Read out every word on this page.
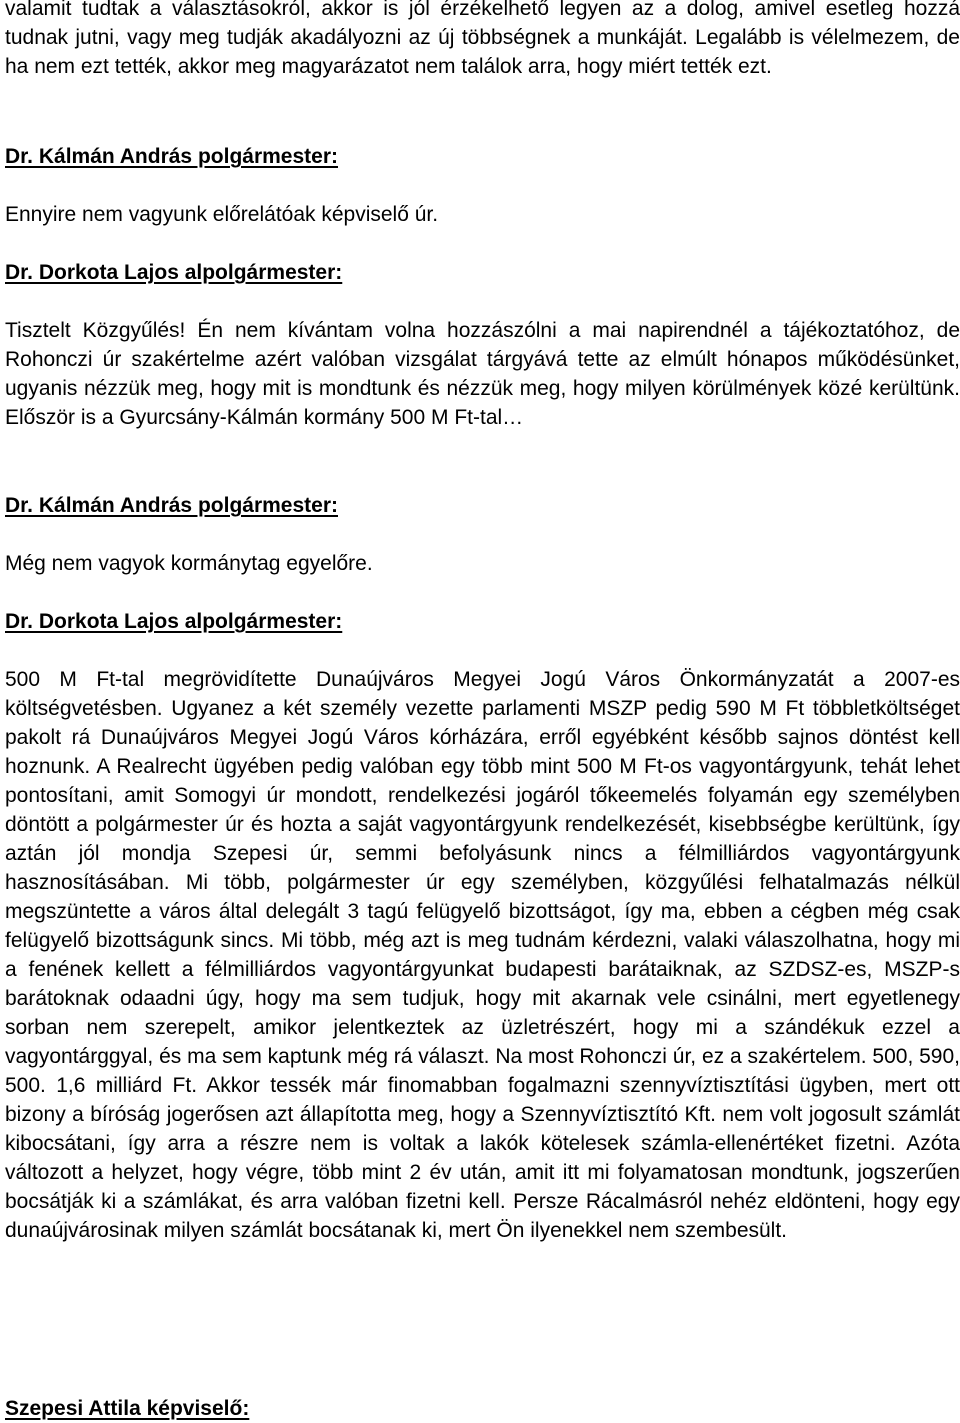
valamit tudtak a választásokról, akkor is jól érzékelhető legyen az a dolog, amivel esetleg hozzá tudnak jutni, vagy meg tudják akadályozni az új többségnek a munkáját. Legalább is vélelmezem, de ha nem ezt tették, akkor meg magyarázatot nem találok arra, hogy miért tették ezt.

Dr. Kálmán András polgármester:

Ennyire nem vagyunk előrelátóak képviselő úr.

Dr. Dorkota Lajos alpolgármester:

Tisztelt Közgyűlés! Én nem kívántam volna hozzászólni a mai napirendnél a tájékoztatóhoz, de Rohonczi úr szakértelme azért valóban vizsgálat tárgyává tette az elmúlt hónapos működésünket, ugyanis nézzük meg, hogy mit is mondtunk és nézzük meg, hogy milyen körülmények közé kerültünk. Először is a Gyurcsány-Kálmán kormány 500 M Ft-tal…

Dr. Kálmán András polgármester:

Még nem vagyok kormánytag egyelőre.

Dr. Dorkota Lajos alpolgármester:

500 M Ft-tal megrövidítette Dunaújváros Megyei Jogú Város Önkormányzatát a 2007-es költségvetésben. Ugyanez a két személy vezette parlamenti MSZP pedig 590 M Ft többletköltséget pakolt rá Dunaújváros Megyei Jogú Város kórházára, erről egyébként később sajnos döntést kell hoznunk. A Realrecht ügyében pedig valóban egy több mint 500 M Ft-os vagyontárgyunk, tehát lehet pontosítani, amit Somogyi úr mondott, rendelkezési jogáról tőkeemelés folyamán egy személyben döntött a polgármester úr és hozta a saját vagyontárgyunk rendelkezését, kisebbségbe kerültünk, így aztán jól mondja Szepesi úr, semmi befolyásunk nincs a félmilliárdos vagyontárgyunk hasznosításában. Mi több, polgármester úr egy személyben, közgyűlési felhatalmazás nélkül megszüntette a város által delegált 3 tagú felügyelő bizottságot, így ma, ebben a cégben még csak felügyelő bizottságunk sincs. Mi több, még azt is meg tudnám kérdezni, valaki válaszolhatna, hogy mi a fenének kellett a félmilliárdos vagyontárgyunkat budapesti barátaiknak, az SZDSZ-es, MSZP-s barátoknak odaadni úgy, hogy ma sem tudjuk, hogy mit akarnak vele csinálni, mert egyetlenegy sorban nem szerepelt, amikor jelentkeztek az üzletrészért, hogy mi a szándékuk ezzel a vagyontárggyal, és ma sem kaptunk még rá választ. Na most Rohonczi úr, ez a szakértelem. 500, 590, 500. 1,6 milliárd Ft. Akkor tessék már finomabban fogalmazni szennyvíztisztítási ügyben, mert ott bizony a bíróság jogerősen azt állapította meg, hogy a Szennyvíztisztító Kft. nem volt jogosult számlát kibocsátani, így arra a részre nem is voltak a lakók kötelesek számla-ellenértéket fizetni. Azóta változott a helyzet, hogy végre, több mint 2 év után, amit itt mi folyamatosan mondtunk, jogszerűen bocsátják ki a számlákat, és arra valóban fizetni kell. Persze Rácalmásról nehéz eldönteni, hogy egy dunaújvárosinak milyen számlát bocsátanak ki, mert Ön ilyenekkel nem szembesült.

Szepesi Attila képviselő:
